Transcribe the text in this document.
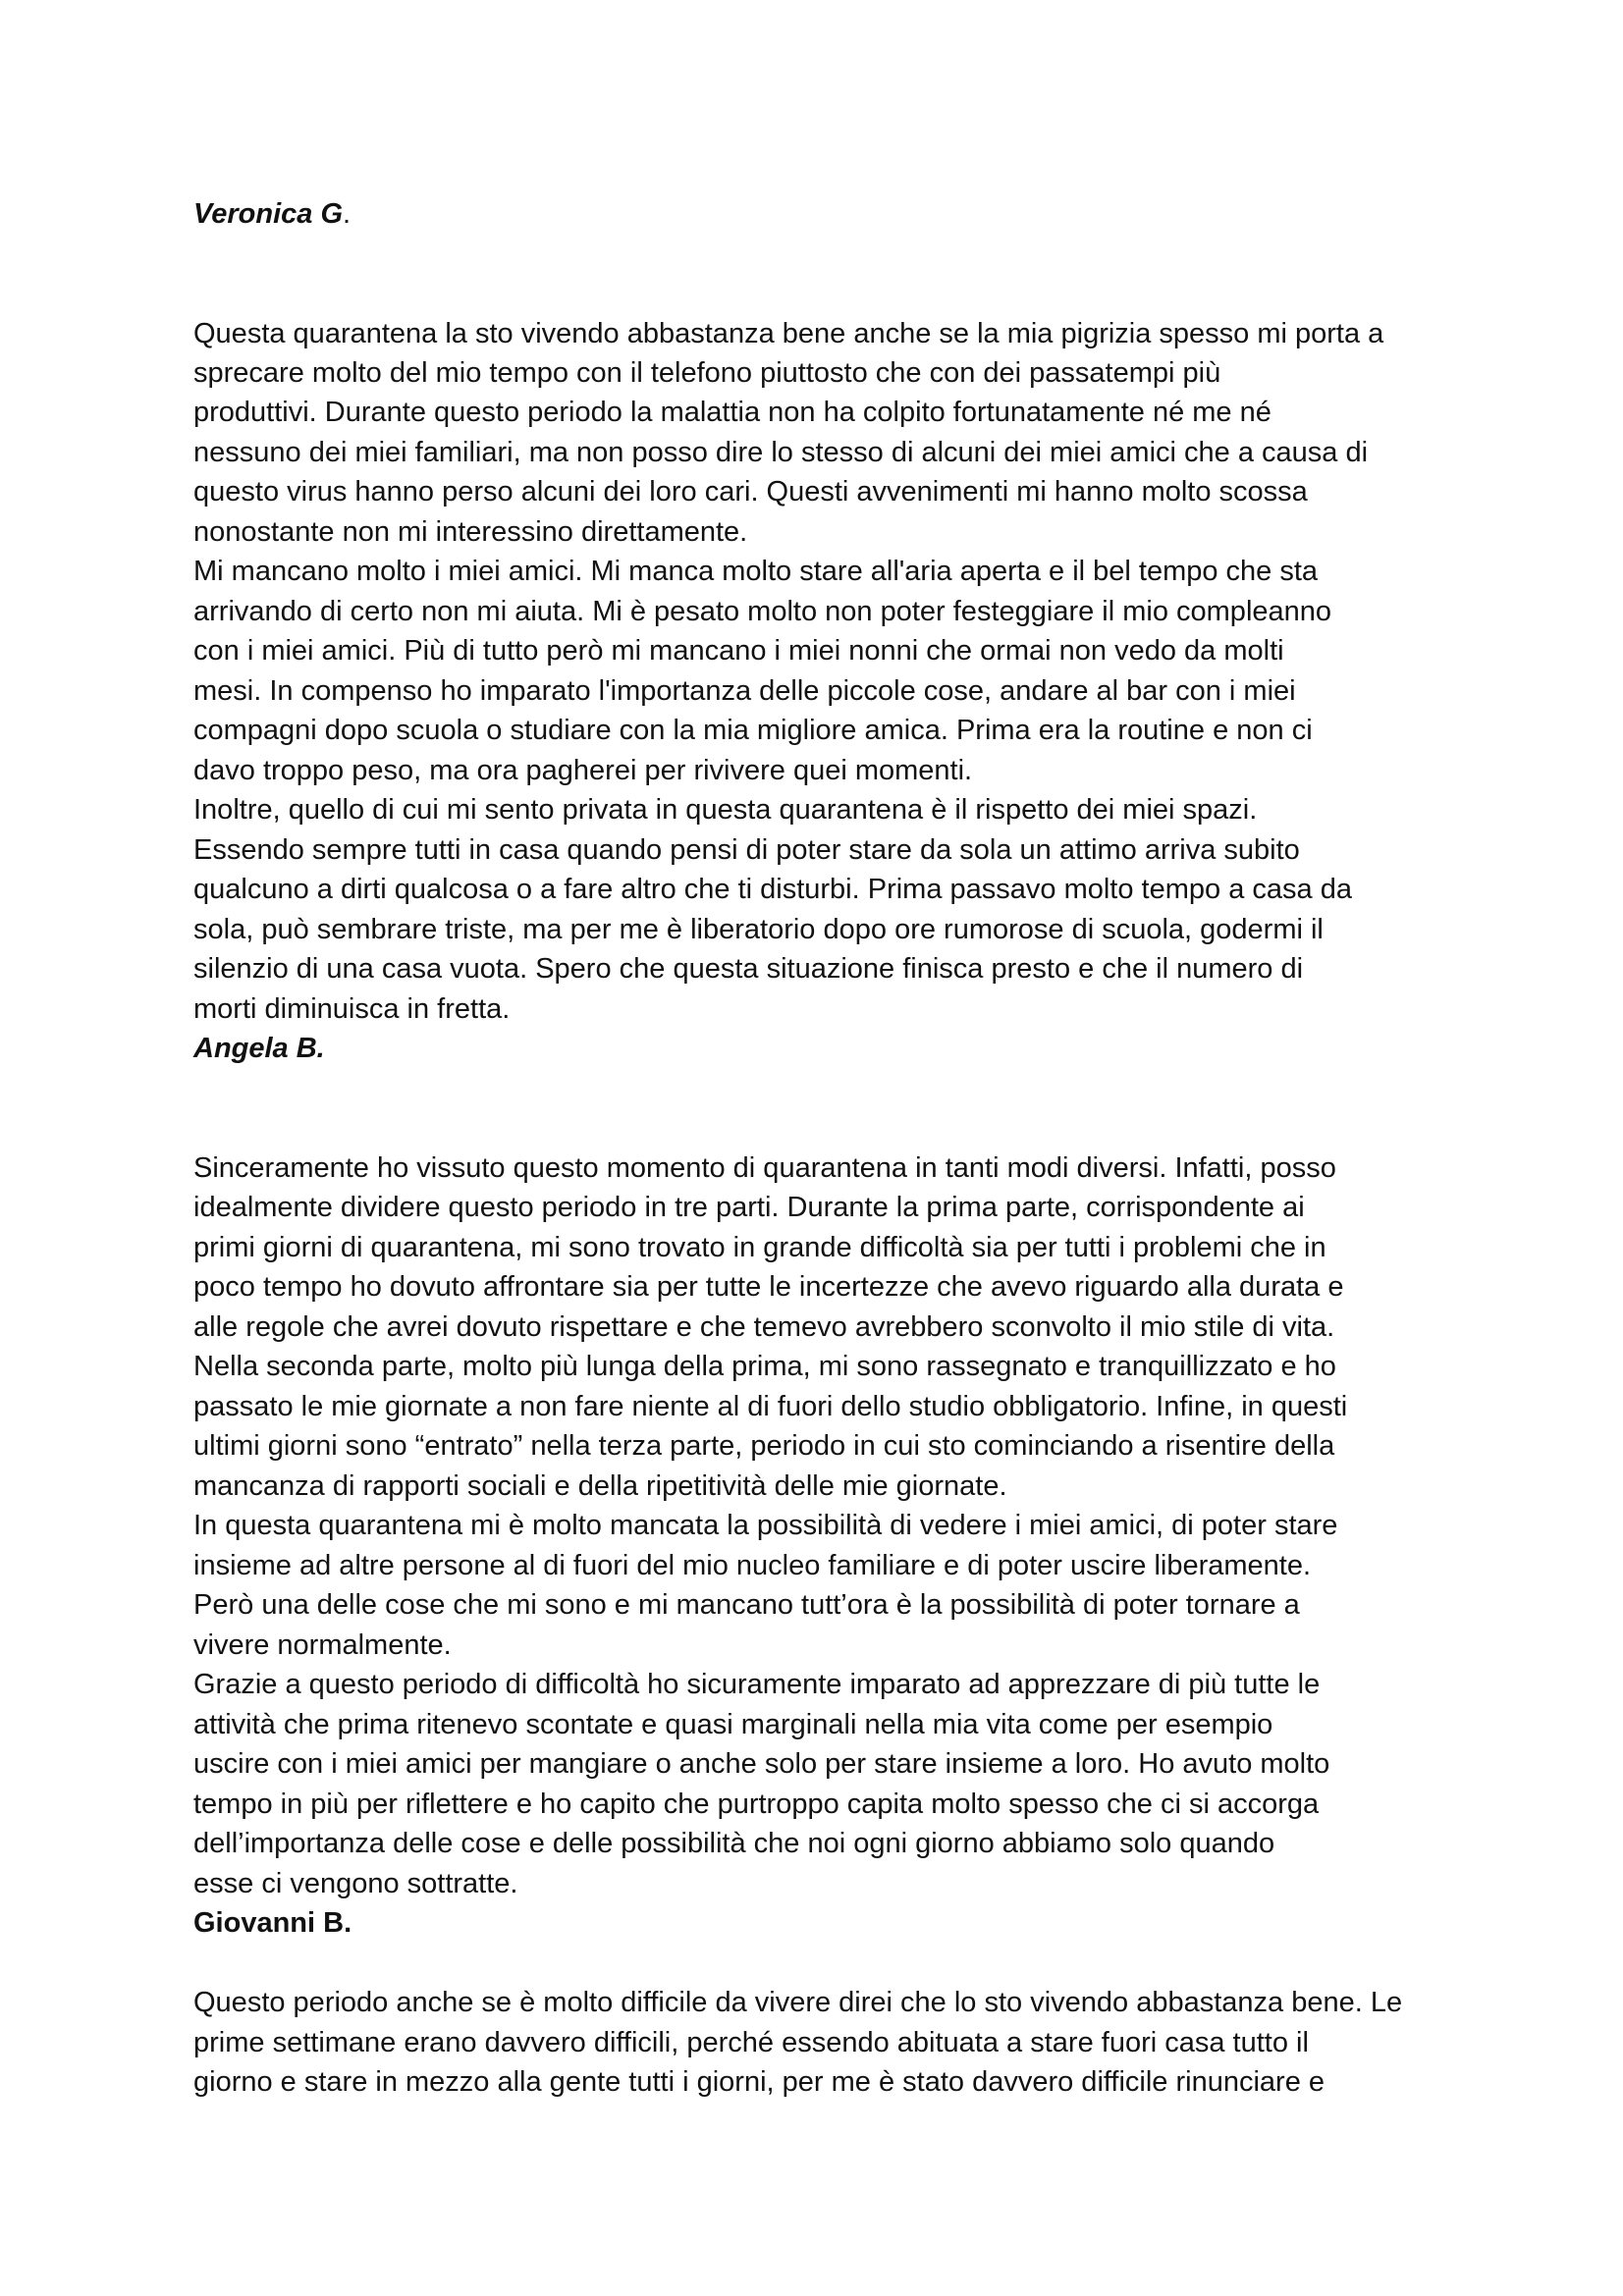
Veronica G.
Questa quarantena la sto vivendo abbastanza bene anche se la mia pigrizia spesso mi porta a
sprecare molto del mio tempo con il telefono piuttosto che con dei passatempi più
produttivi. Durante questo periodo la malattia non ha colpito fortunatamente né me né
nessuno dei miei familiari, ma non posso dire lo stesso di alcuni dei miei amici che a causa di
questo virus hanno perso alcuni dei loro cari. Questi avvenimenti mi hanno molto scossa
nonostante non mi interessino direttamente.
Mi mancano molto i miei amici. Mi manca molto stare all'aria aperta e il bel tempo che sta
arrivando di certo non mi aiuta. Mi è pesato molto non poter festeggiare il mio compleanno
con i miei amici. Più di tutto però mi mancano i miei nonni che ormai non vedo da molti
mesi. In compenso ho imparato l'importanza delle piccole cose, andare al bar con i miei
compagni dopo scuola o studiare con la mia migliore amica. Prima era la routine e non ci
davo troppo peso, ma ora pagherei per rivivere quei momenti.
Inoltre, quello di cui mi sento privata in questa quarantena è il rispetto dei miei spazi.
Essendo sempre tutti in casa quando pensi di poter stare da sola un attimo arriva subito
qualcuno a dirti qualcosa o a fare altro che ti disturbi. Prima passavo molto tempo a casa da
sola, può sembrare triste, ma per me è liberatorio dopo ore rumorose di scuola, godermi il
silenzio di una casa vuota. Spero che questa situazione finisca presto e che il numero di
morti diminuisca in fretta.
Angela B.
Sinceramente ho vissuto questo momento di quarantena in tanti modi diversi. Infatti, posso
idealmente dividere questo periodo in tre parti. Durante la prima parte, corrispondente ai
primi giorni di quarantena, mi sono trovato in grande difficoltà sia per tutti i problemi che in
poco tempo ho dovuto affrontare sia per tutte le incertezze che avevo riguardo alla durata e
alle regole che avrei dovuto rispettare e che temevo avrebbero sconvolto il mio stile di vita.
Nella seconda parte, molto più lunga della prima, mi sono rassegnato e tranquillizzato e ho
passato le mie giornate a non fare niente al di fuori dello studio obbligatorio. Infine, in questi
ultimi giorni sono “entrato” nella terza parte, periodo in cui sto cominciando a risentire della
mancanza di rapporti sociali e della ripetitività delle mie giornate.
In questa quarantena mi è molto mancata la possibilità di vedere i miei amici, di poter stare
insieme ad altre persone al di fuori del mio nucleo familiare e di poter uscire liberamente.
Però una delle cose che mi sono e mi mancano tutt’ora è la possibilità di poter tornare a
vivere normalmente.
Grazie a questo periodo di difficoltà ho sicuramente imparato ad apprezzare di più tutte le
attività che prima ritenevo scontate e quasi marginali nella mia vita come per esempio
uscire con i miei amici per mangiare o anche solo per stare insieme a loro. Ho avuto molto
tempo in più per riflettere e ho capito che purtroppo capita molto spesso che ci si accorga
dell’importanza delle cose e delle possibilità che noi ogni giorno abbiamo solo quando
esse ci vengono sottratte.
Giovanni B.
Questo periodo anche se è molto difficile da vivere direi che lo sto vivendo abbastanza bene. Le
prime settimane erano davvero difficili, perché essendo abituata a stare fuori casa tutto il
giorno e stare in mezzo alla gente tutti i giorni, per me è stato davvero difficile rinunciare e
